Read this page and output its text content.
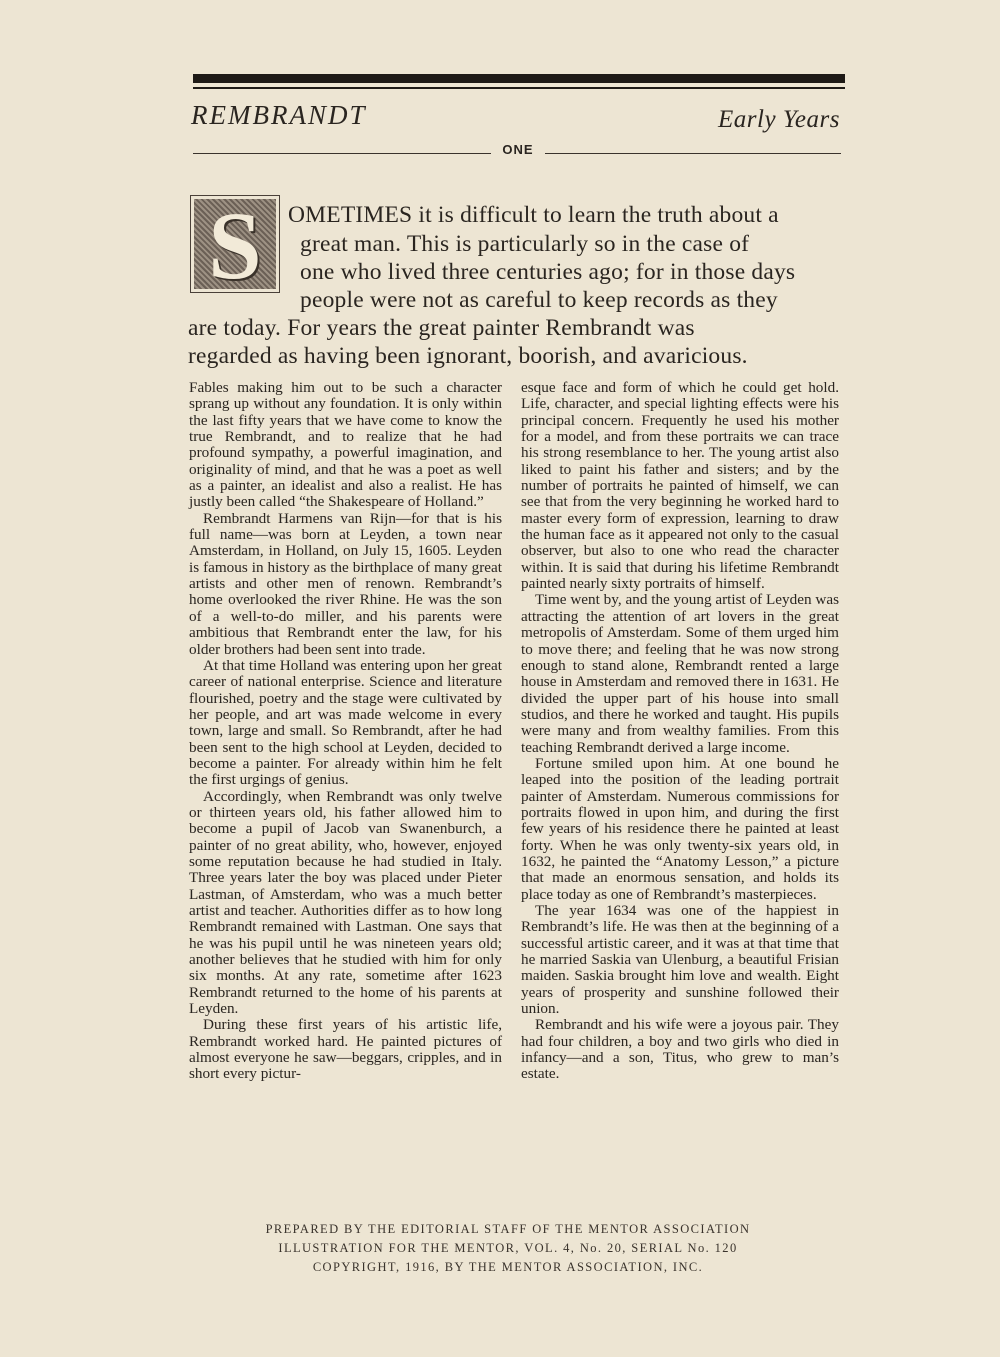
REMBRANDT	Early Years
ONE
S OMETIMES it is difficult to learn the truth about a
great man. This is particularly so in the case of
one who lived three centuries ago; for in those days
people were not as careful to keep records as they
are today. For years the great painter Rembrandt was
regarded as having been ignorant, boorish, and avaricious.

Fables making him out to be such a character sprang up without any foundation. It is only within the last fifty years that we have come to know the true Rembrandt, and to realize that he had profound sympathy, a powerful imagination, and originality of mind, and that he was a poet as well as a painter, an idealist and also a realist. He has justly been called “the Shakespeare of Holland.”

Rembrandt Harmens van Rijn—for that is his full name—was born at Leyden, a town near Amsterdam, in Holland, on July 15, 1605. Leyden is famous in history as the birthplace of many great artists and other men of renown. Rembrandt’s home overlooked the river Rhine. He was the son of a well-to-do miller, and his parents were ambitious that Rembrandt enter the law, for his older brothers had been sent into trade.

At that time Holland was entering upon her great career of national enterprise. Science and literature flourished, poetry and the stage were cultivated by her people, and art was made welcome in every town, large and small. So Rembrandt, after he had been sent to the high school at Leyden, decided to become a painter. For already within him he felt the first urgings of genius.

Accordingly, when Rembrandt was only twelve or thirteen years old, his father allowed him to become a pupil of Jacob van Swanenburch, a painter of no great ability, who, however, enjoyed some reputation because he had studied in Italy. Three years later the boy was placed under Pieter Lastman, of Amsterdam, who was a much better artist and teacher. Authorities differ as to how long Rembrandt remained with Lastman. One says that he was his pupil until he was nineteen years old; another believes that he studied with him for only six months. At any rate, sometime after 1623 Rembrandt returned to the home of his parents at Leyden.

During these first years of his artistic life, Rembrandt worked hard. He painted pictures of almost everyone he saw—beggars, cripples, and in short every pictur-

esque face and form of which he could get hold. Life, character, and special lighting effects were his principal concern. Frequently he used his mother for a model, and from these portraits we can trace his strong resemblance to her. The young artist also liked to paint his father and sisters; and by the number of portraits he painted of himself, we can see that from the very beginning he worked hard to master every form of expression, learning to draw the human face as it appeared not only to the casual observer, but also to one who read the character within. It is said that during his lifetime Rembrandt painted nearly sixty portraits of himself.

Time went by, and the young artist of Leyden was attracting the attention of art lovers in the great metropolis of Amsterdam. Some of them urged him to move there; and feeling that he was now strong enough to stand alone, Rembrandt rented a large house in Amsterdam and removed there in 1631. He divided the upper part of his house into small studios, and there he worked and taught. His pupils were many and from wealthy families. From this teaching Rembrandt derived a large income.

Fortune smiled upon him. At one bound he leaped into the position of the leading portrait painter of Amsterdam. Numerous commissions for portraits flowed in upon him, and during the first few years of his residence there he painted at least forty. When he was only twenty-six years old, in 1632, he painted the “Anatomy Lesson,” a picture that made an enormous sensation, and holds its place today as one of Rembrandt’s masterpieces.

The year 1634 was one of the happiest in Rembrandt’s life. He was then at the beginning of a successful artistic career, and it was at that time that he married Saskia van Ulenburg, a beautiful Frisian maiden. Saskia brought him love and wealth. Eight years of prosperity and sunshine followed their union.

Rembrandt and his wife were a joyous pair. They had four children, a boy and two girls who died in infancy—and a son, Titus, who grew to man’s estate.

PREPARED BY THE EDITORIAL STAFF OF THE MENTOR ASSOCIATION
ILLUSTRATION FOR THE MENTOR, VOL. 4, No. 20, SERIAL No. 120
COPYRIGHT, 1916, BY THE MENTOR ASSOCIATION, INC.
